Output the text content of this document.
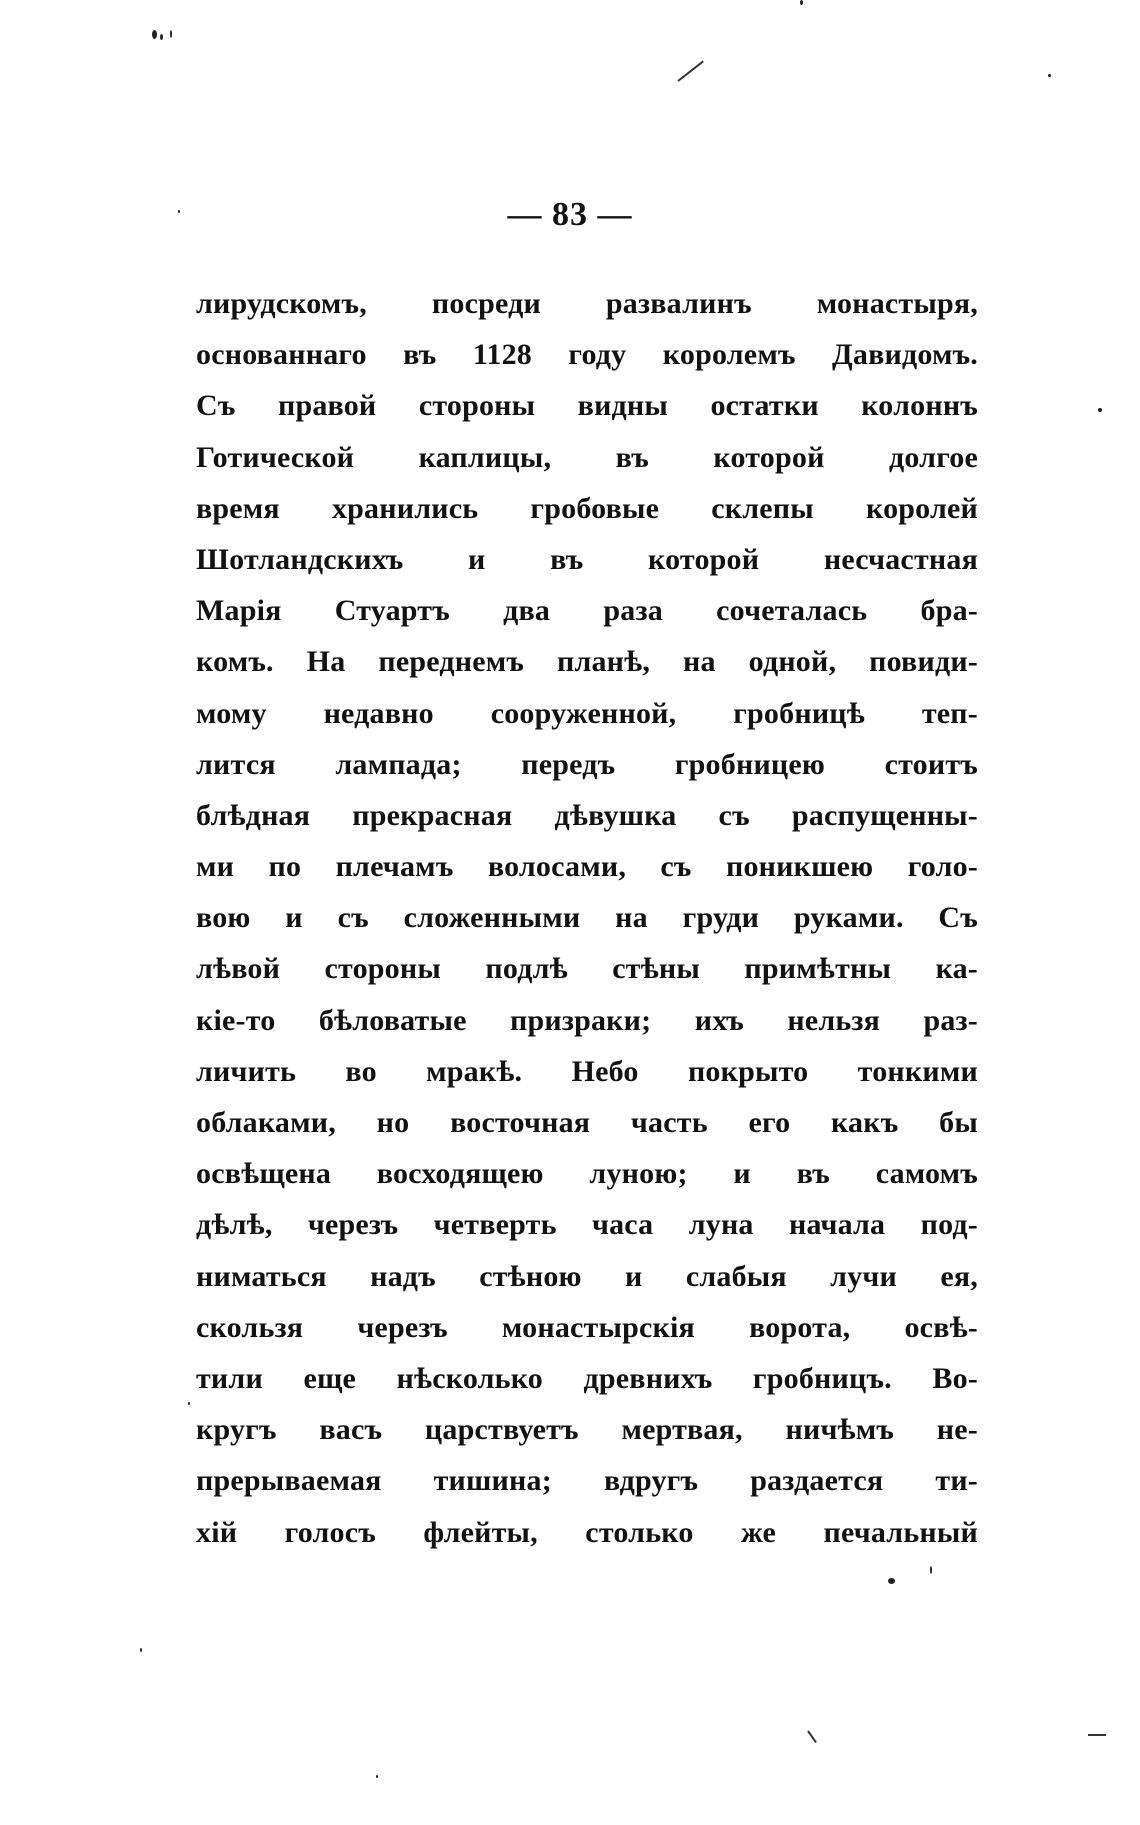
— 83 —
лирудскомъ, посреди развалинъ монастыря,
основаннаго въ 1128 году королемъ Давидомъ.
Съ правой стороны видны остатки колоннъ
Готической каплицы, въ которой долгое
время хранились гробовые склепы королей
Шотландскихъ и въ которой несчастная
Марія Стуартъ два раза сочеталась бра-
комъ. На переднемъ планѣ, на одной, повиди-
мому недавно сооруженной, гробницѣ теп-
лится лампада; передъ гробницею стоитъ
блѣдная прекрасная дѣвушка съ распущенны-
ми по плечамъ волосами, съ поникшею голо-
вою и съ сложенными на груди руками. Съ
лѣвой стороны подлѣ стѣны примѣтны ка-
кіе-то бѣловатые призраки; ихъ нельзя раз-
личить во мракѣ. Небо покрыто тонкими
облаками, но восточная часть его какъ бы
освѣщена восходящею луною; и въ самомъ
дѣлѣ, черезъ четверть часа луна начала под-
ниматься надъ стѣною и слабыя лучи ея,
скользя черезъ монастырскія ворота, освѣ-
тили еще нѣсколько древнихъ гробницъ. Во-
кругъ васъ царствуетъ мертвая, ничѣмъ не-
прерываемая тишина; вдругъ раздается ти-
хій голосъ флейты, столько же печальный
